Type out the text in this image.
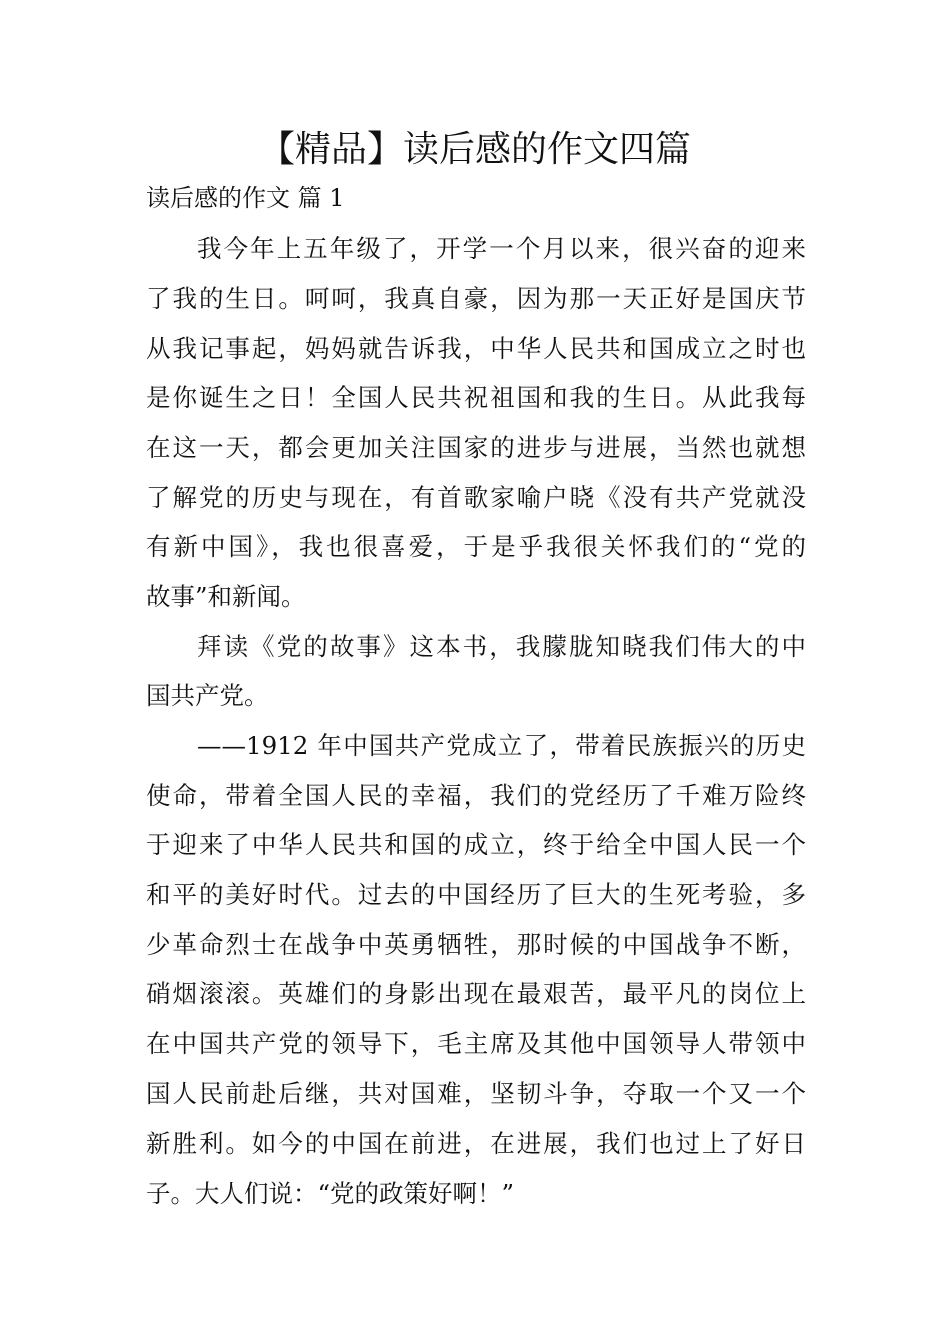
【精品】读后感的作文四篇
读后感的作文 篇 1
我今年上五年级了，开学一个月以来，很兴奋的迎来
了我的生日。呵呵，我真自豪，因为那一天正好是国庆节
从我记事起，妈妈就告诉我，中华人民共和国成立之时也
是你诞生之日！全国人民共祝祖国和我的生日。从此我每
在这一天，都会更加关注国家的进步与进展，当然也就想
了解党的历史与现在，有首歌家喻户晓《没有共产党就没
有新中国》，我也很喜爱，于是乎我很关怀我们的“党的
故事”和新闻。
拜读《党的故事》这本书，我朦胧知晓我们伟大的中
国共产党。
——1912 年中国共产党成立了，带着民族振兴的历史
使命，带着全国人民的幸福，我们的党经历了千难万险终
于迎来了中华人民共和国的成立，终于给全中国人民一个
和平的美好时代。过去的中国经历了巨大的生死考验，多
少革命烈士在战争中英勇牺牲，那时候的中国战争不断，
硝烟滚滚。英雄们的身影出现在最艰苦，最平凡的岗位上
在中国共产党的领导下，毛主席及其他中国领导人带领中
国人民前赴后继，共对国难，坚韧斗争，夺取一个又一个
新胜利。如今的中国在前进，在进展，我们也过上了好日
子。大人们说：“党的政策好啊！”
